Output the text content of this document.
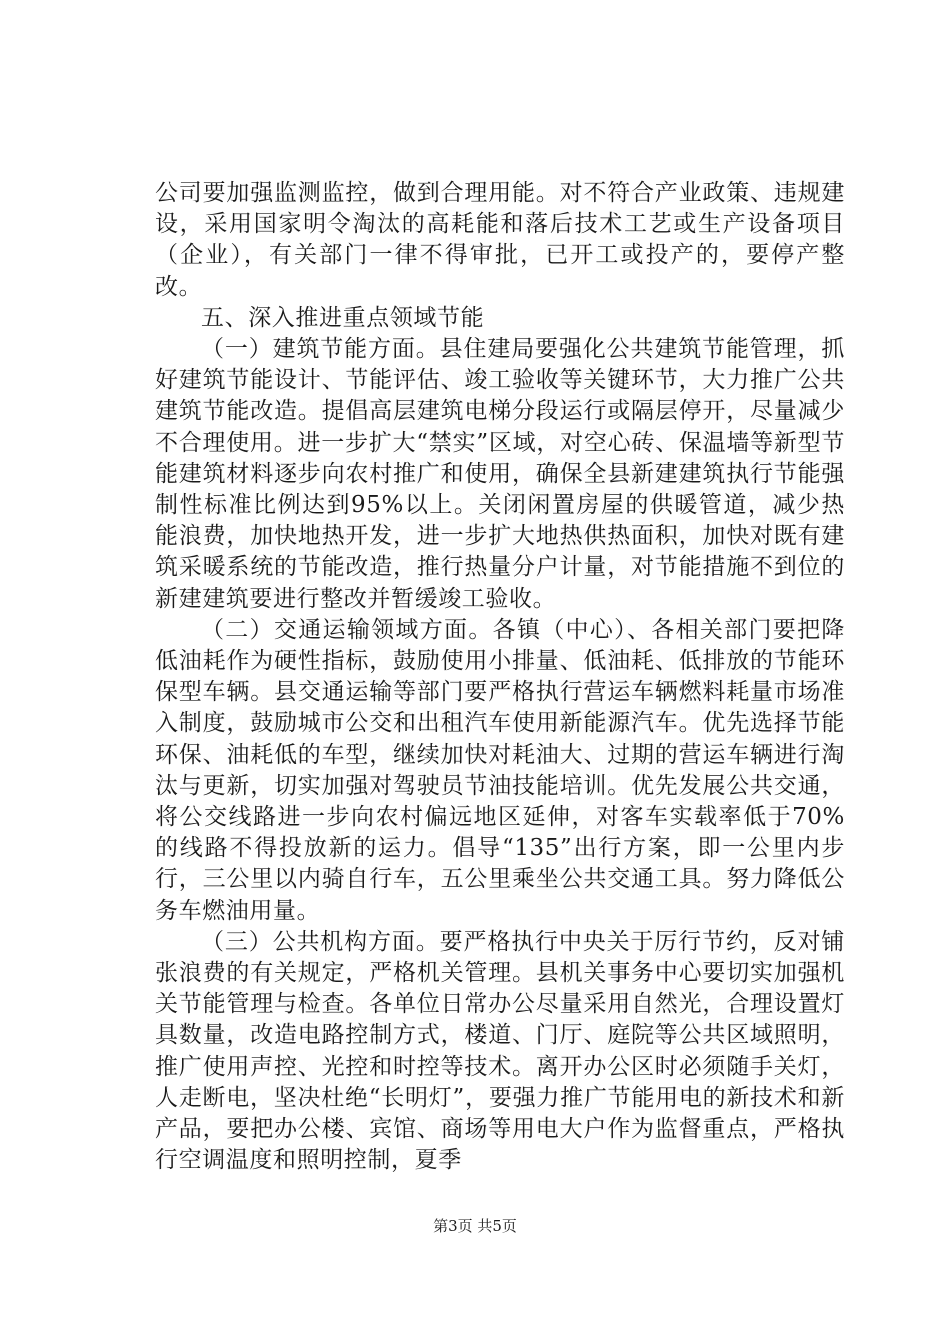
公司要加强监测监控，做到合理用能。对不符合产业政策、违规建设，采用国家明令淘汰的高耗能和落后技术工艺或生产设备项目（企业），有关部门一律不得审批，已开工或投产的，要停产整改。

五、深入推进重点领域节能

（一）建筑节能方面。县住建局要强化公共建筑节能管理，抓好建筑节能设计、节能评估、竣工验收等关键环节，大力推广公共建筑节能改造。提倡高层建筑电梯分段运行或隔层停开，尽量减少不合理使用。进一步扩大“禁实”区域，对空心砖、保温墙等新型节能建筑材料逐步向农村推广和使用，确保全县新建建筑执行节能强制性标准比例达到95%以上。关闭闲置房屋的供暖管道，减少热能浪费，加快地热开发，进一步扩大地热供热面积，加快对既有建筑采暖系统的节能改造，推行热量分户计量，对节能措施不到位的新建建筑要进行整改并暂缓竣工验收。

（二）交通运输领域方面。各镇（中心）、各相关部门要把降低油耗作为硬性指标，鼓励使用小排量、低油耗、低排放的节能环保型车辆。县交通运输等部门要严格执行营运车辆燃料耗量市场准入制度，鼓励城市公交和出租汽车使用新能源汽车。优先选择节能环保、油耗低的车型，继续加快对耗油大、过期的营运车辆进行淘汰与更新，切实加强对驾驶员节油技能培训。优先发展公共交通，将公交线路进一步向农村偏远地区延伸，对客车实载率低于70%的线路不得投放新的运力。倡导“135”出行方案，即一公里内步行，三公里以内骑自行车，五公里乘坐公共交通工具。努力降低公务车燃油用量。

（三）公共机构方面。要严格执行中央关于厉行节约，反对铺张浪费的有关规定，严格机关管理。县机关事务中心要切实加强机关节能管理与检查。各单位日常办公尽量采用自然光，合理设置灯具数量，改造电路控制方式，楼道、门厅、庭院等公共区域照明，推广使用声控、光控和时控等技术。离开办公区时必须随手关灯，人走断电，坚决杜绝“长明灯”，要强力推广节能用电的新技术和新产品，要把办公楼、宾馆、商场等用电大户作为监督重点，严格执行空调温度和照明控制，夏季

第3页 共5页
